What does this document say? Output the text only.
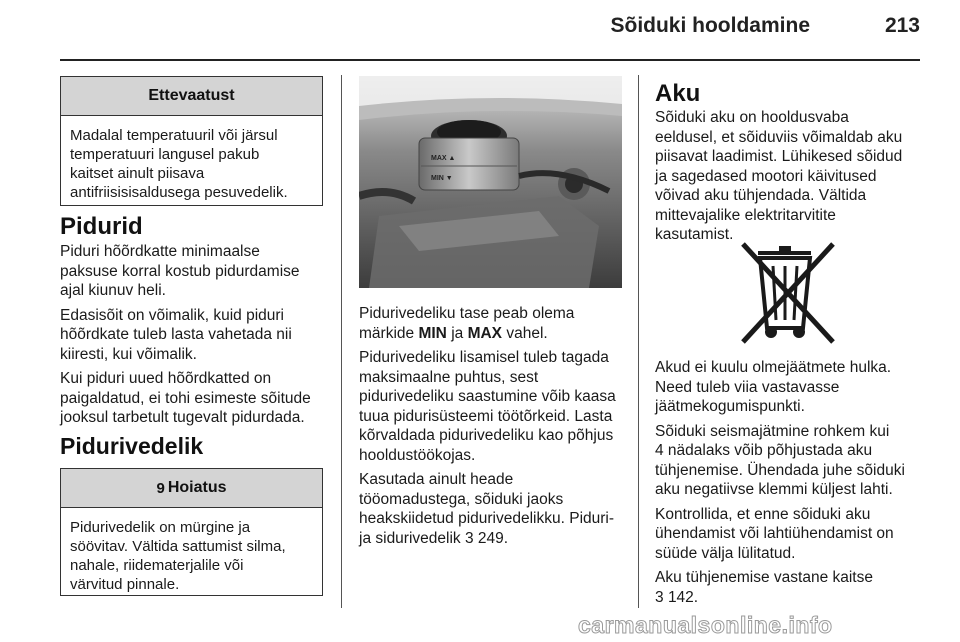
Sõiduki hooldamine	213
Ettevaatust
Madalal temperatuuril või järsul
temperatuuri langusel pakub
kaitset ainult piisava
antifriisisisaldusega pesuvedelik.
Pidurid

Piduri hõõrdkatte minimaalse
paksuse korral kostub pidurdamise
ajal kiunuv heli.

Edasisõit on võimalik, kuid piduri
hõõrdkate tuleb lasta vahetada nii
kiiresti, kui võimalik.

Kui piduri uued hõõrdkatted on
paigaldatud, ei tohi esimeste sõitude
jooksul tarbetult tugevalt pidurdada.

Pidurivedelik
9 Hoiatus
Pidurivedelik on mürgine ja
söövitav. Vältida sattumist silma,
nahale, riidematerjalile või
värvitud pinnale.
MAX ▲
MIN ▼

Pidurivedeliku tase peab olema
märkide MIN ja MAX vahel.

Pidurivedeliku lisamisel tuleb tagada
maksimaalne puhtus, sest
pidurivedeliku saastumine võib kaasa
tuua pidurisüsteemi töötõrkeid. Lasta
kõrvaldada pidurivedeliku kao põhjus
hooldustöökojas.

Kasutada ainult heade
tööomadustega, sõiduki jaoks
heakskiidetud pidurivedelikku. Piduri-
ja sidurivedelik 3 249.

Aku

Sõiduki aku on hooldusvaba
eeldusel, et sõiduviis võimaldab aku
piisavat laadimist. Lühikesed sõidud
ja sagedased mootori käivitused
võivad aku tühjendada. Vältida
mittevajalike elektritarvitite
kasutamist.

Akud ei kuulu olmejäätmete hulka.
Need tuleb viia vastavasse
jäätmekogumispunkti.

Sõiduki seismajätmine rohkem kui
4 nädalaks võib põhjustada aku
tühjenemise. Ühendada juhe sõiduki
aku negatiivse klemmi küljest lahti.

Kontrollida, et enne sõiduki aku
ühendamist või lahtiühendamist on
süüde välja lülitatud.

Aku tühjenemise vastane kaitse
3 142.

carmanualsonline.info
